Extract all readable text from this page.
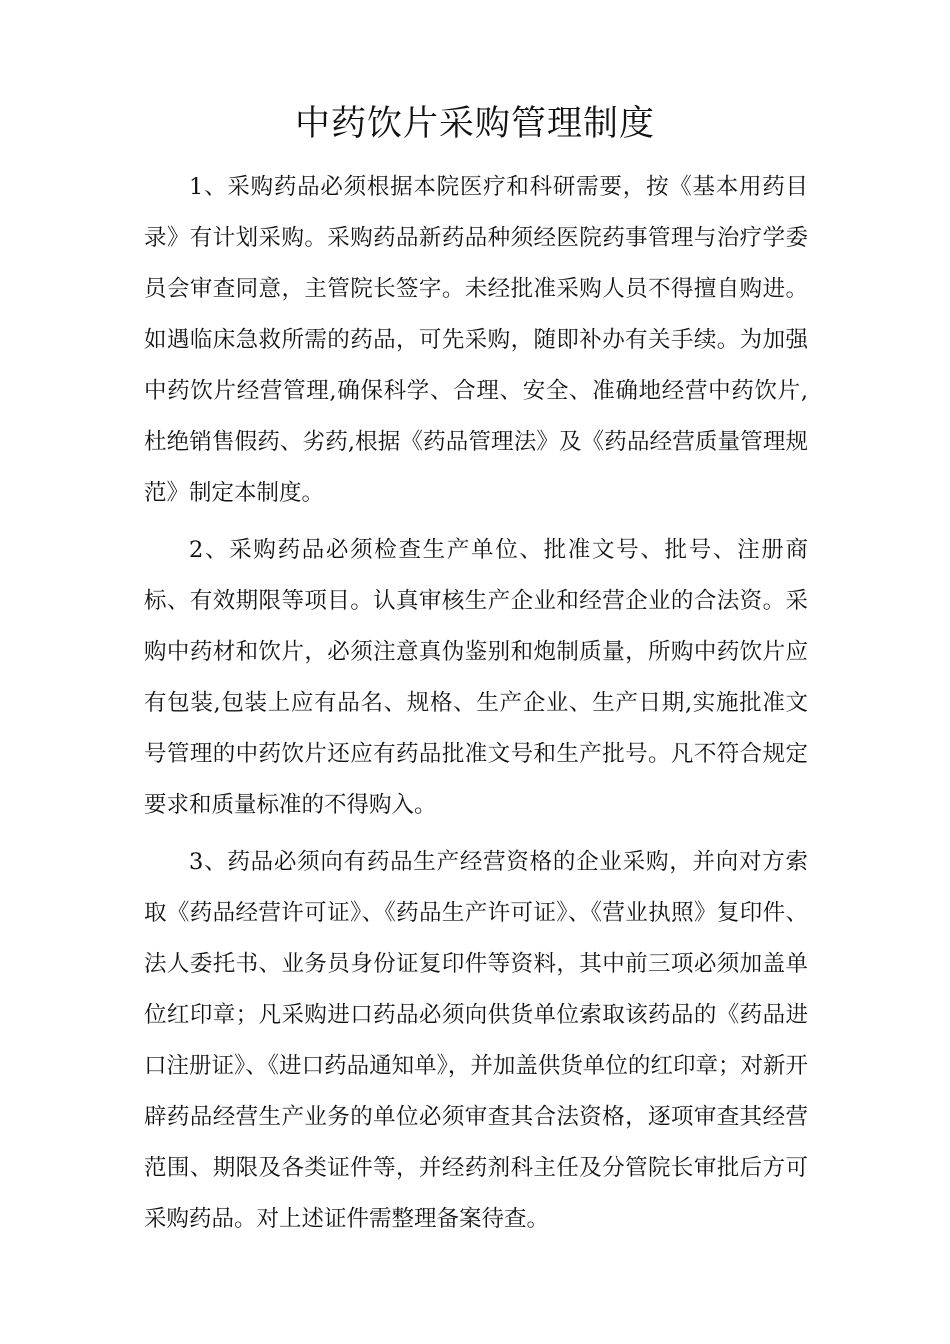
中药饮片采购管理制度

1、采购药品必须根据本院医疗和科研需要，按《基本用药目录》有计划采购。采购药品新药品种须经医院药事管理与治疗学委员会审查同意，主管院长签字。未经批准采购人员不得擅自购进。如遇临床急救所需的药品，可先采购，随即补办有关手续。为加强中药饮片经营管理,确保科学、合理、安全、准确地经营中药饮片,杜绝销售假药、劣药,根据《药品管理法》及《药品经营质量管理规范》制定本制度。

2、采购药品必须检查生产单位、批准文号、批号、注册商标、有效期限等项目。认真审核生产企业和经营企业的合法资。采购中药材和饮片，必须注意真伪鉴别和炮制质量，所购中药饮片应有包装,包装上应有品名、规格、生产企业、生产日期,实施批准文号管理的中药饮片还应有药品批准文号和生产批号。凡不符合规定要求和质量标准的不得购入。

3、药品必须向有药品生产经营资格的企业采购，并向对方索取《药品经营许可证》、《药品生产许可证》、《营业执照》复印件、法人委托书、业务员身份证复印件等资料，其中前三项必须加盖单位红印章；凡采购进口药品必须向供货单位索取该药品的《药品进口注册证》、《进口药品通知单》，并加盖供货单位的红印章；对新开辟药品经营生产业务的单位必须审查其合法资格，逐项审查其经营范围、期限及各类证件等，并经药剂科主任及分管院长审批后方可采购药品。对上述证件需整理备案待查。
